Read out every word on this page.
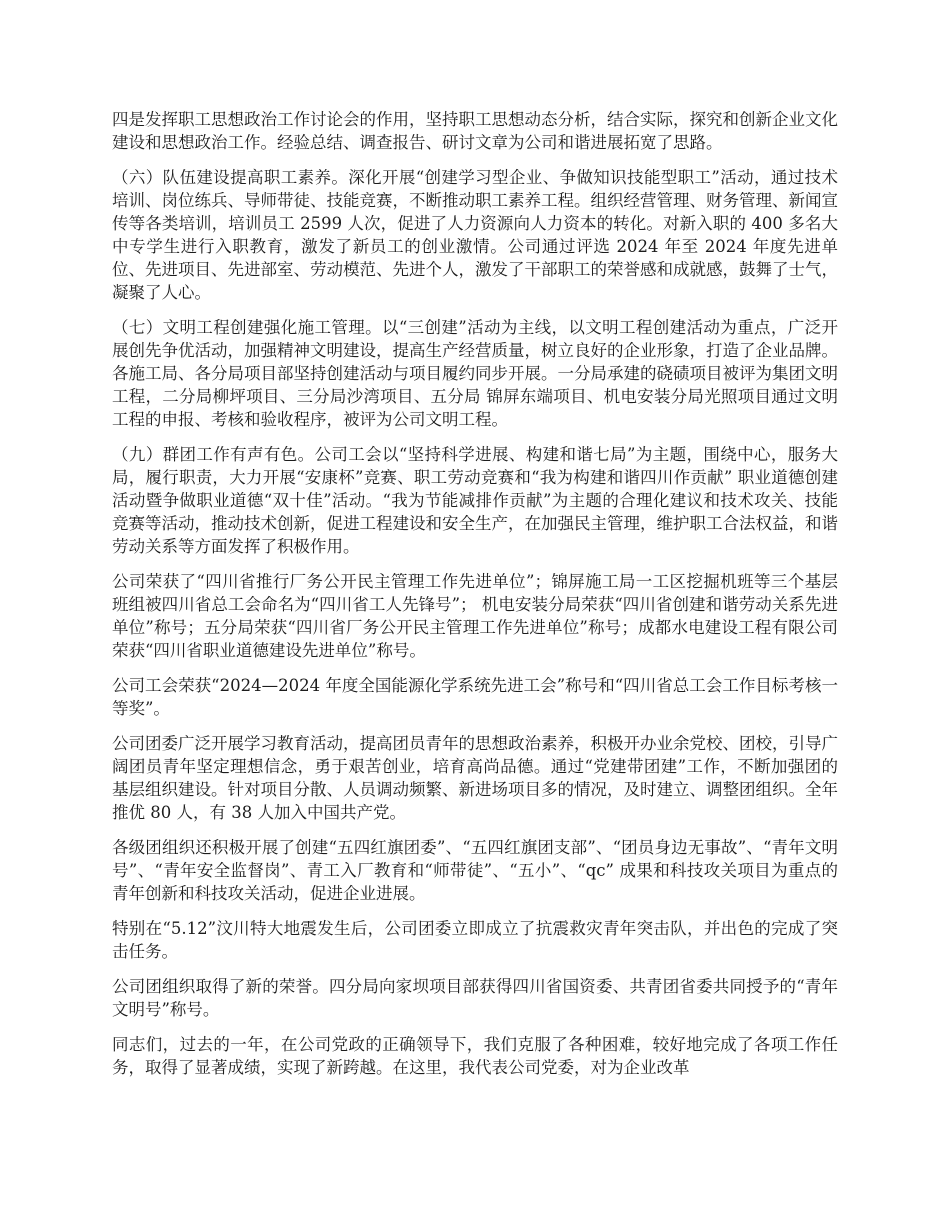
四是发挥职工思想政治工作讨论会的作用，坚持职工思想动态分析，结合实际，探究和创新企业文化建设和思想政治工作。经验总结、调查报告、研讨文章为公司和谐进展拓宽了思路。

（六）队伍建设提高职工素养。深化开展“创建学习型企业、争做知识技能型职工”活动，通过技术培训、岗位练兵、导师带徒、技能竞赛，不断推动职工素养工程。组织经营管理、财务管理、新闻宣传等各类培训，培训员工 2599 人次，促进了人力资源向人力资本的转化。对新入职的 400 多名大中专学生进行入职教育，激发了新员工的创业激情。公司通过评选 2024 年至 2024 年度先进单位、先进项目、先进部室、劳动模范、先进个人，激发了干部职工的荣誉感和成就感，鼓舞了士气，凝聚了人心。

（七）文明工程创建强化施工管理。以“三创建”活动为主线，以文明工程创建活动为重点，广泛开展创先争优活动，加强精神文明建设，提高生产经营质量，树立良好的企业形象，打造了企业品牌。各施工局、各分局项目部坚持创建活动与项目履约同步开展。一分局承建的硗碛项目被评为集团文明工程，二分局柳坪项目、三分局沙湾项目、五分局 锦屏东端项目、机电安装分局光照项目通过文明工程的申报、考核和验收程序，被评为公司文明工程。

（九）群团工作有声有色。公司工会以“坚持科学进展、构建和谐七局”为主题，围绕中心，服务大局，履行职责，大力开展“安康杯”竞赛、职工劳动竞赛和“我为构建和谐四川作贡献” 职业道德创建活动暨争做职业道德“双十佳”活动。“我为节能减排作贡献”为主题的合理化建议和技术攻关、技能竞赛等活动，推动技术创新，促进工程建设和安全生产，在加强民主管理，维护职工合法权益，和谐劳动关系等方面发挥了积极作用。

公司荣获了“四川省推行厂务公开民主管理工作先进单位”；锦屏施工局一工区挖掘机班等三个基层班组被四川省总工会命名为“四川省工人先锋号”； 机电安装分局荣获“四川省创建和谐劳动关系先进单位”称号；五分局荣获“四川省厂务公开民主管理工作先进单位”称号；成都水电建设工程有限公司荣获“四川省职业道德建设先进单位”称号。

公司工会荣获“2024—2024 年度全国能源化学系统先进工会”称号和“四川省总工会工作目标考核一等奖”。

公司团委广泛开展学习教育活动，提高团员青年的思想政治素养，积极开办业余党校、团校，引导广阔团员青年坚定理想信念，勇于艰苦创业，培育高尚品德。通过“党建带团建”工作，不断加强团的基层组织建设。针对项目分散、人员调动频繁、新进场项目多的情况，及时建立、调整团组织。全年推优 80 人，有 38 人加入中国共产党。

各级团组织还积极开展了创建“五四红旗团委”、“五四红旗团支部”、“团员身边无事故”、“青年文明号”、“青年安全监督岗”、青工入厂教育和“师带徒”、“五小”、“qc” 成果和科技攻关项目为重点的青年创新和科技攻关活动，促进企业进展。

特别在“5.12”汶川特大地震发生后，公司团委立即成立了抗震救灾青年突击队，并出色的完成了突击任务。

公司团组织取得了新的荣誉。四分局向家坝项目部获得四川省国资委、共青团省委共同授予的“青年文明号”称号。

同志们，过去的一年，在公司党政的正确领导下，我们克服了各种困难，较好地完成了各项工作任务，取得了显著成绩，实现了新跨越。在这里，我代表公司党委，对为企业改革
